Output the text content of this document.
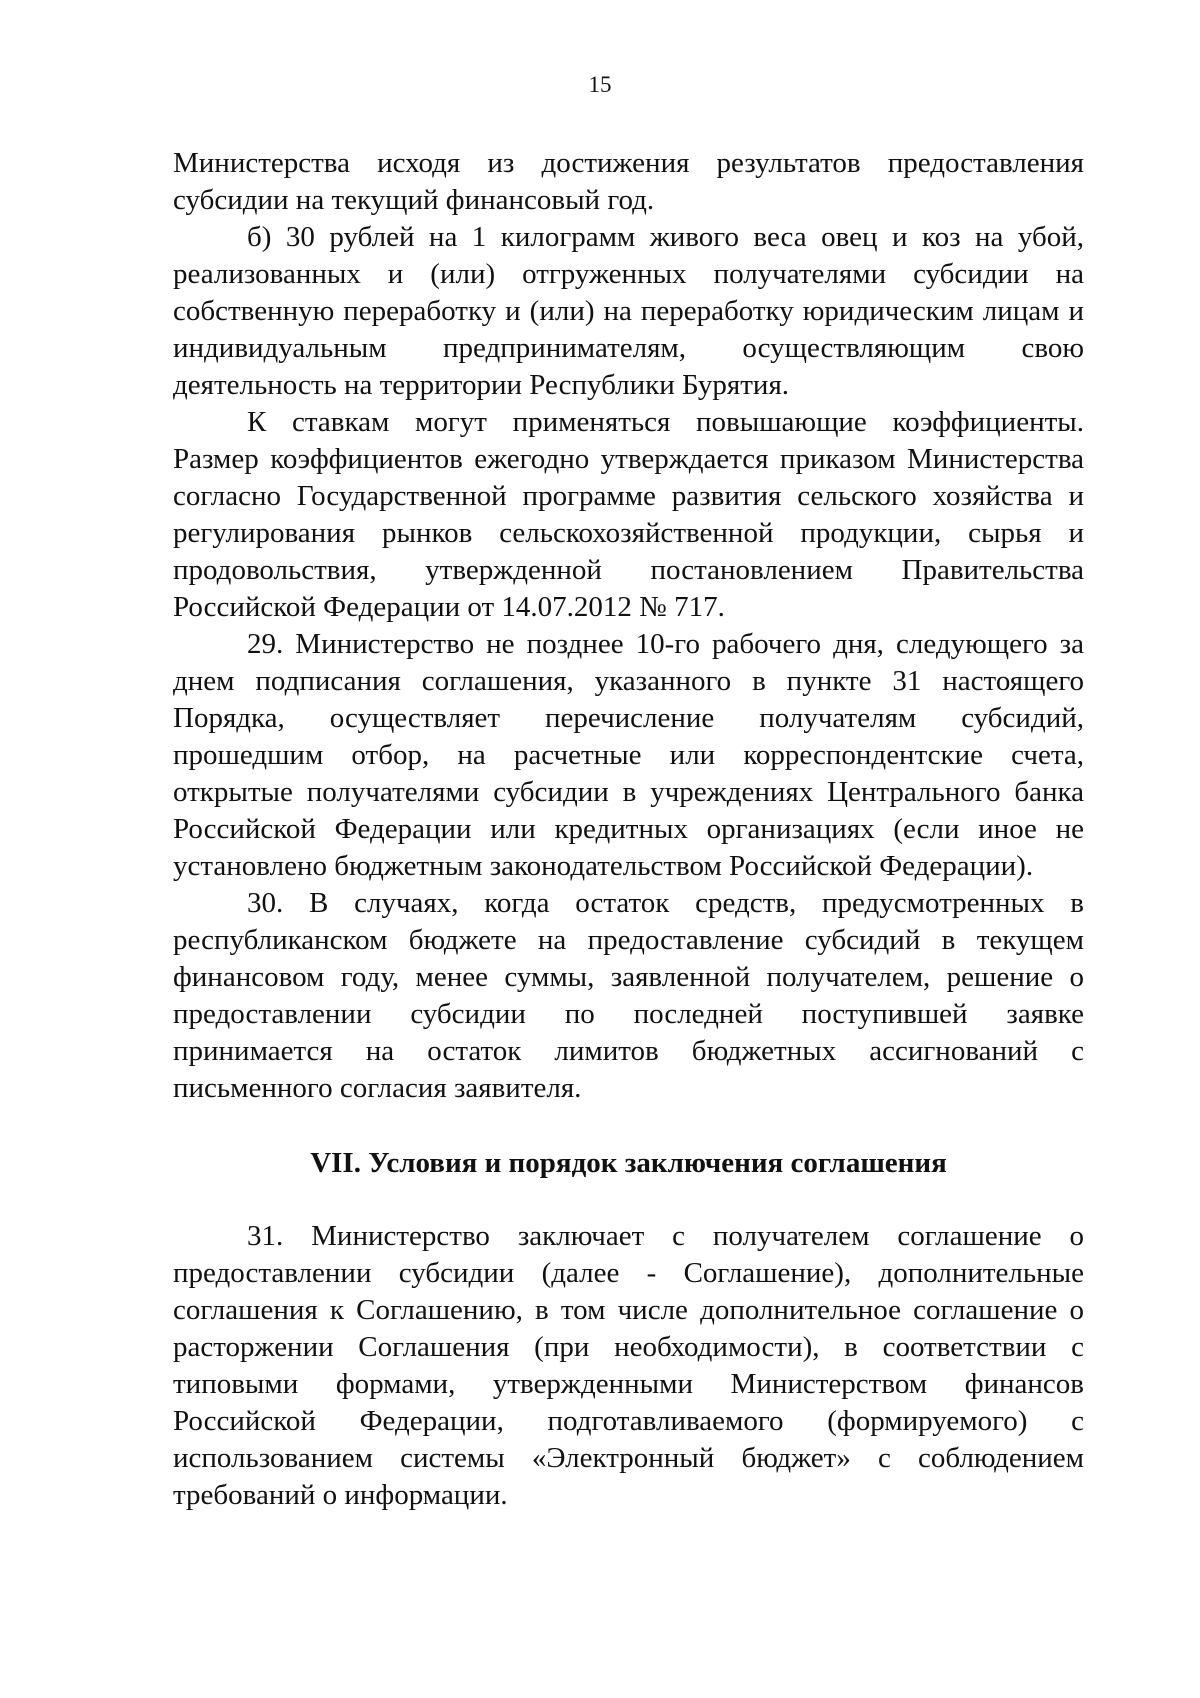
15

Министерства исходя из достижения результатов предоставления субсидии на текущий финансовый год.

б) 30 рублей на 1 килограмм живого веса овец и коз на убой, реализованных и (или) отгруженных получателями субсидии на собственную переработку и (или) на переработку юридическим лицам и индивидуальным предпринимателям, осуществляющим свою деятельность на территории Республики Бурятия.

К ставкам могут применяться повышающие коэффициенты. Размер коэффициентов ежегодно утверждается приказом Министерства согласно Государственной программе развития сельского хозяйства и регулирования рынков сельскохозяйственной продукции, сырья и продовольствия, утвержденной постановлением Правительства Российской Федерации от 14.07.2012 № 717.

29. Министерство не позднее 10-го рабочего дня, следующего за днем подписания соглашения, указанного в пункте 31 настоящего Порядка, осуществляет перечисление получателям субсидий, прошедшим отбор, на расчетные или корреспондентские счета, открытые получателями субсидии в учреждениях Центрального банка Российской Федерации или кредитных организациях (если иное не установлено бюджетным законодательством Российской Федерации).

30. В случаях, когда остаток средств, предусмотренных в республиканском бюджете на предоставление субсидий в текущем финансовом году, менее суммы, заявленной получателем, решение о предоставлении субсидии по последней поступившей заявке принимается на остаток лимитов бюджетных ассигнований с письменного согласия заявителя.

VII. Условия и порядок заключения соглашения

31. Министерство заключает с получателем соглашение о предоставлении субсидии (далее - Соглашение), дополнительные соглашения к Соглашению, в том числе дополнительное соглашение о расторжении Соглашения (при необходимости), в соответствии с типовыми формами, утвержденными Министерством финансов Российской Федерации, подготавливаемого (формируемого) с использованием системы «Электронный бюджет» с соблюдением требований о информации.
